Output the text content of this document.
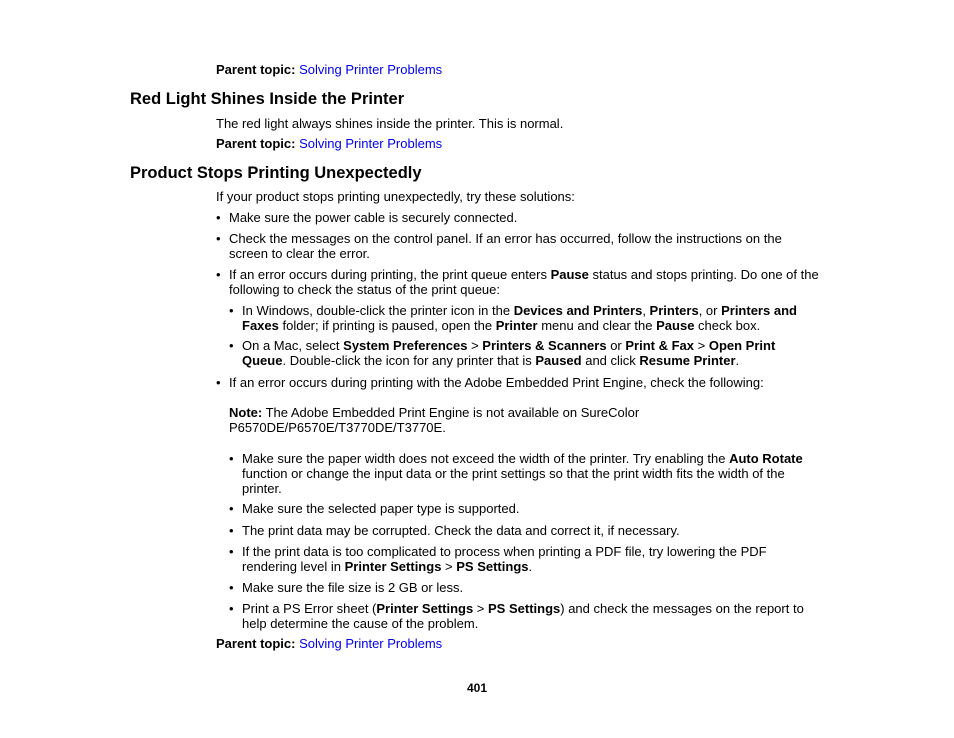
Parent topic: Solving Printer Problems
Red Light Shines Inside the Printer
The red light always shines inside the printer. This is normal.
Parent topic: Solving Printer Problems
Product Stops Printing Unexpectedly
If your product stops printing unexpectedly, try these solutions:
• Make sure the power cable is securely connected.
• Check the messages on the control panel. If an error has occurred, follow the instructions on the
screen to clear the error.
• If an error occurs during printing, the print queue enters Pause status and stops printing. Do one of the
following to check the status of the print queue:
• In Windows, double-click the printer icon in the Devices and Printers, Printers, or Printers and
Faxes folder; if printing is paused, open the Printer menu and clear the Pause check box.
• On a Mac, select System Preferences > Printers & Scanners or Print & Fax > Open Print
Queue. Double-click the icon for any printer that is Paused and click Resume Printer.
• If an error occurs during printing with the Adobe Embedded Print Engine, check the following:
Note: The Adobe Embedded Print Engine is not available on SureColor
P6570DE/P6570E/T3770DE/T3770E.
• Make sure the paper width does not exceed the width of the printer. Try enabling the Auto Rotate
function or change the input data or the print settings so that the print width fits the width of the
printer.
• Make sure the selected paper type is supported.
• The print data may be corrupted. Check the data and correct it, if necessary.
• If the print data is too complicated to process when printing a PDF file, try lowering the PDF
rendering level in Printer Settings > PS Settings.
• Make sure the file size is 2 GB or less.
• Print a PS Error sheet (Printer Settings > PS Settings) and check the messages on the report to
help determine the cause of the problem.
Parent topic: Solving Printer Problems
401
